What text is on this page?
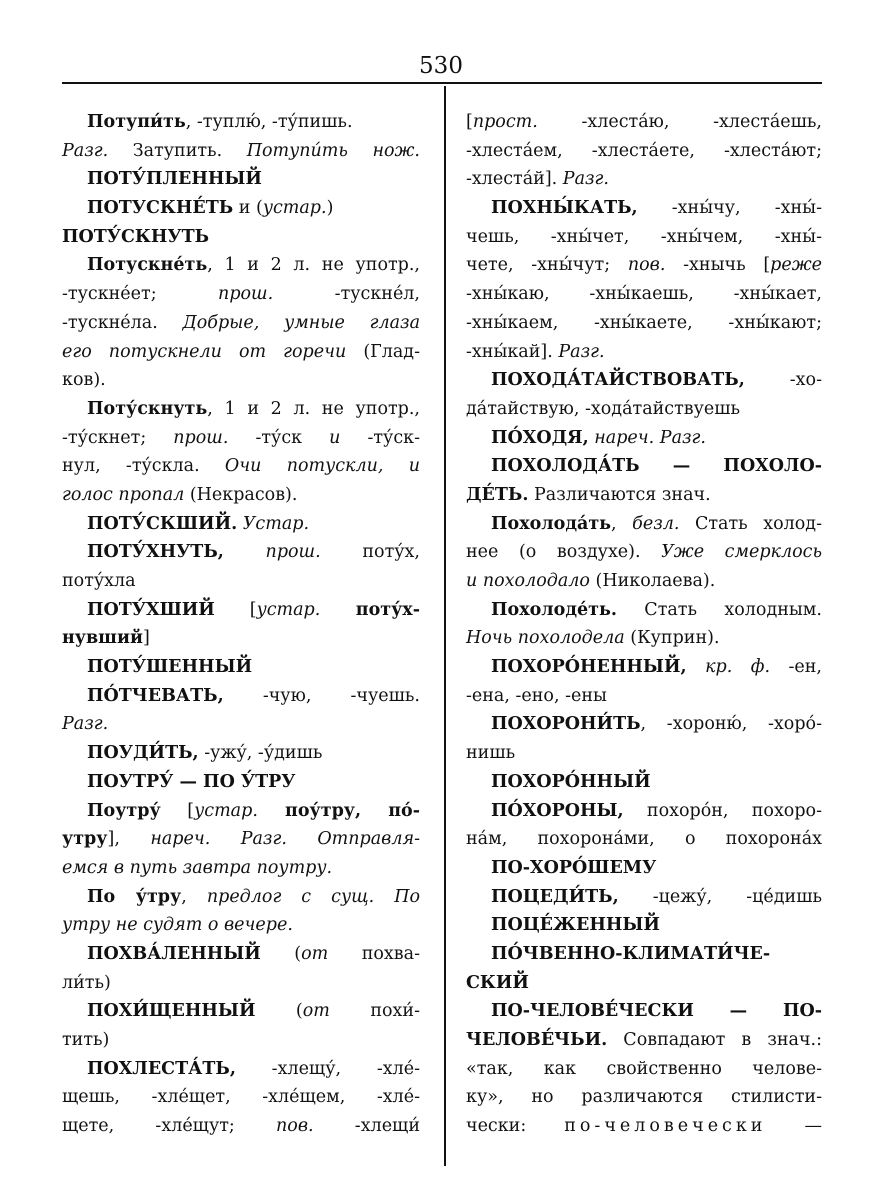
530
Потупи́ть, -туплю́, -ту́пишь.
Разг. Затупить. Потупи́ть нож.
ПОТУ́ПЛЕННЫЙ
ПОТУСКНЕ́ТЬ и (устар.)
ПОТУ́СКНУТЬ
Потускне́ть, 1 и 2 л. не употр.,
-тускне́ет; прош. -тускне́л,
-тускне́ла. Добрые, умные глаза
его потускнели от горечи (Глад-
ков).
Поту́скнуть, 1 и 2 л. не употр.,
-ту́скнет; прош. -ту́ск и -ту́ск-
нул, -ту́скла. Очи потускли, и
голос пропал (Некрасов).
ПОТУ́СКШИЙ. Устар.
ПОТУ́ХНУТЬ, прош. поту́х,
поту́хла
ПОТУ́ХШИЙ [устар. поту́х-
нувший]
ПОТУ́ШЕННЫЙ
ПО́ТЧЕВАТЬ, -чую, -чуешь.
Разг.
ПОУДИ́ТЬ, -ужу́, -у́дишь
ПОУТРУ́ — ПО У́ТРУ
Поутру́ [устар. поу́тру, по́-
утру], нареч. Разг. Отправля-
емся в путь завтра поутру.
По у́тру, предлог с сущ. По
утру не судят о вечере.
ПОХВА́ЛЕННЫЙ (от похва-
ли́ть)
ПОХИ́ЩЕННЫЙ (от похи́-
тить)
ПОХЛЕСТА́ТЬ, -хлещу́, -хле́-
щешь, -хле́щет, -хле́щем, -хле́-
щете, -хле́щут; пов. -хлещи́
[прост. -хлеста́ю, -хлеста́ешь,
-хлеста́ем, -хлеста́ете, -хлеста́ют;
-хлеста́й]. Разг.
ПОХНЫ́КАТЬ, -хны́чу, -хны́-
чешь, -хны́чет, -хны́чем, -хны́-
чете, -хны́чут; пов. -хнычь [реже
-хны́каю, -хны́каешь, -хны́кает,
-хны́каем, -хны́каете, -хны́кают;
-хны́кай]. Разг.
ПОХОДА́ТАЙСТВОВАТЬ, -хо-
да́тайствую, -хода́тайствуешь
ПО́ХОДЯ, нареч. Разг.
ПОХОЛОДА́ТЬ — ПОХОЛО-
ДЕ́ТЬ. Различаются знач.
Похолода́ть, безл. Стать холод-
нее (о воздухе). Уже смерклось
и похолодало (Николаева).
Похолоде́ть. Стать холодным.
Ночь похолодела (Куприн).
ПОХОРО́НЕННЫЙ, кр. ф. -ен,
-ена, -ено, -ены
ПОХОРОНИ́ТЬ, -хороню́, -хоро́-
нишь
ПОХОРО́ННЫЙ
ПО́ХОРОНЫ, похоро́н, похоро-
на́м, похорона́ми, о похорона́х
ПО-ХОРО́ШЕМУ
ПОЦЕДИ́ТЬ, -цежу́, -це́дишь
ПОЦЕ́ЖЕННЫЙ
ПО́ЧВЕННО-КЛИМАТИ́ЧЕ-
СКИЙ
ПО-ЧЕЛОВЕ́ЧЕСКИ — ПО-
ЧЕЛОВЕ́ЧЬИ. Совпадают в знач.:
«так, как свойственно челове-
ку», но различаются стилисти-
чески: по-человечески —
